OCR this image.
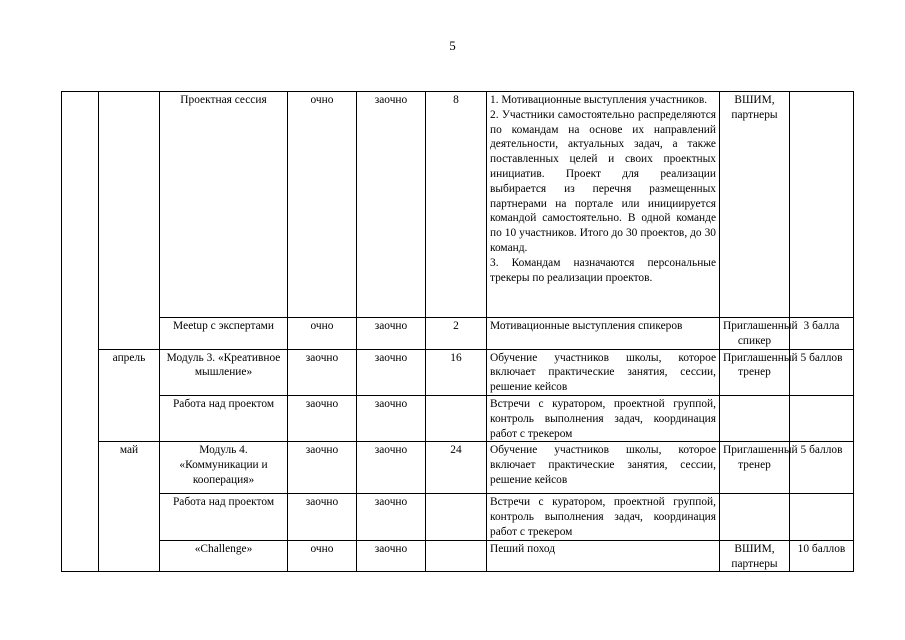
5
		Проектная сессия	очно	заочно	8	1. Мотивационные выступления участников.
2. Участники самостоятельно распределяются по командам на основе их направлений деятельности, актуальных задач, а также поставленных целей и своих проектных инициатив. Проект для реализации выбирается из перечня размещенных партнерами на портале или инициируется командой самостоятельно. В одной команде по 10 участников. Итого до 30 проектов, до 30 команд.
3. Командам назначаются персональные трекеры по реализации проектов.	ВШИМ, партнеры	
		Meetup с экспертами	очно	заочно	2	Мотивационные выступления спикеров	Приглашенный спикер	3 балла
	апрель	Модуль 3. «Креативное мышление»	заочно	заочно	16	Обучение участников школы, которое включает практические занятия, сессии, решение кейсов	Приглашенный тренер	5 баллов
		Работа над проектом	заочно	заочно		Встречи с куратором, проектной группой, контроль выполнения задач, координация работ с трекером		
	май	Модуль 4. «Коммуникации и кооперация»	заочно	заочно	24	Обучение участников школы, которое включает практические занятия, сессии, решение кейсов	Приглашенный тренер	5 баллов
		Работа над проектом	заочно	заочно		Встречи с куратором, проектной группой, контроль выполнения задач, координация работ с трекером		
		«Challenge»	очно	заочно		Пеший поход	ВШИМ, партнеры	10 баллов
